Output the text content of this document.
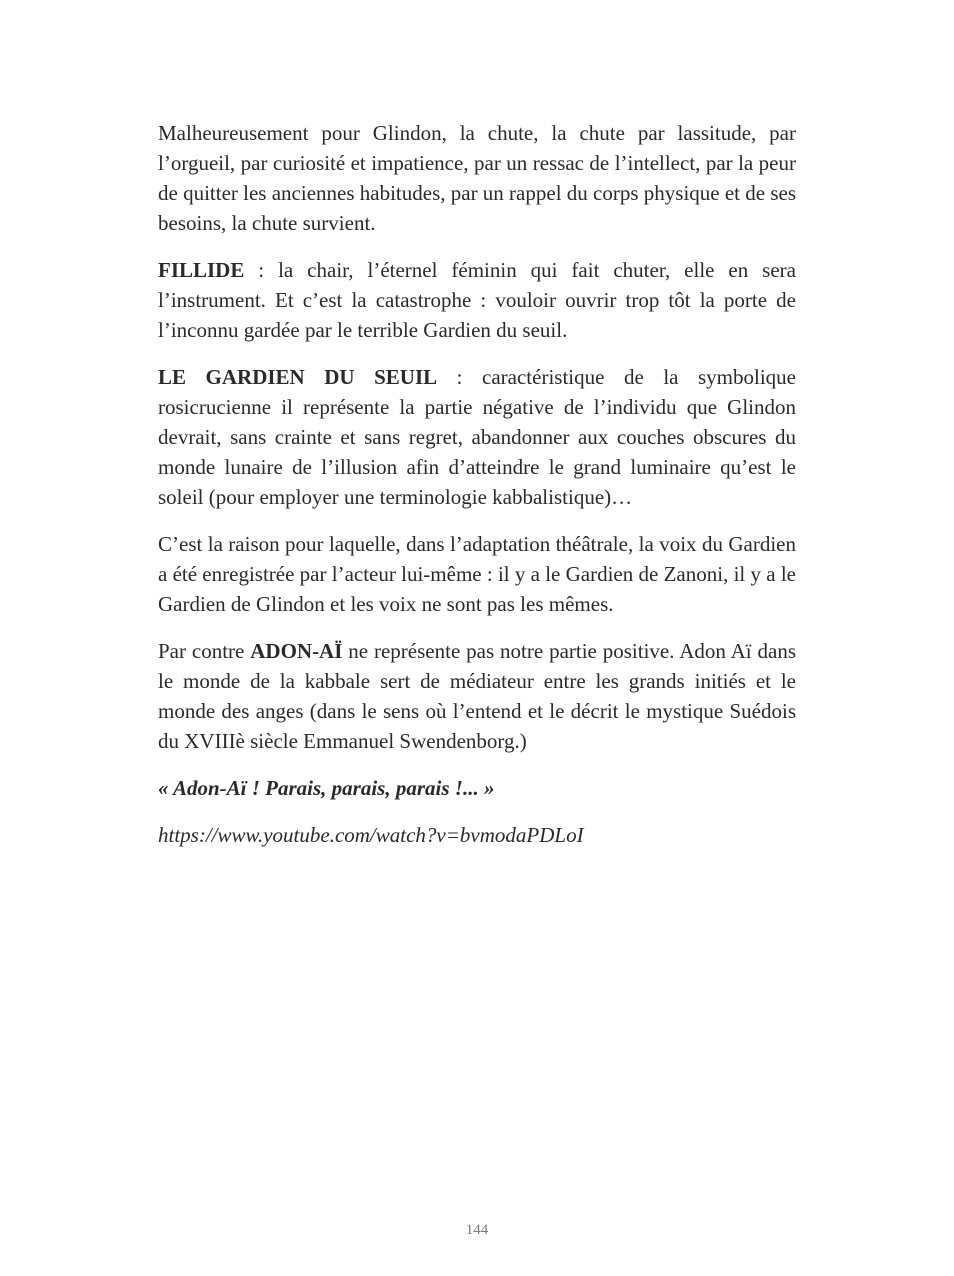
Malheureusement pour Glindon, la chute, la chute par lassitude, par l’orgueil, par curiosité et impatience, par un ressac de l’intellect, par la peur de quitter les anciennes habitudes, par un rappel du corps physique et de ses besoins, la chute survient.

FILLIDE : la chair, l’éternel féminin qui fait chuter, elle en sera l’instrument. Et c’est la catastrophe : vouloir ouvrir trop tôt la porte de l’inconnu gardée par le terrible Gardien du seuil.

LE GARDIEN DU SEUIL : caractéristique de la symbolique rosicrucienne il représente la partie négative de l’individu que Glindon devrait, sans crainte et sans regret, abandonner aux couches obscures du monde lunaire de l’illusion afin d’atteindre le grand luminaire qu’est le soleil (pour employer une terminologie kabbalistique)…

C’est la raison pour laquelle, dans l’adaptation théâtrale, la voix du Gardien a été enregistrée par l’acteur lui-même : il y a le Gardien de Zanoni, il y a le Gardien de Glindon et les voix ne sont pas les mêmes.

Par contre ADON-AÏ ne représente pas notre partie positive. Adon Aï dans le monde de la kabbale sert de médiateur entre les grands initiés et le monde des anges (dans le sens où l’entend et le décrit le mystique Suédois du XVIIIè siècle Emmanuel Swendenborg.)

« Adon-Aï ! Parais, parais, parais !... »

https://www.youtube.com/watch?v=bvmodaPDLoI

144
